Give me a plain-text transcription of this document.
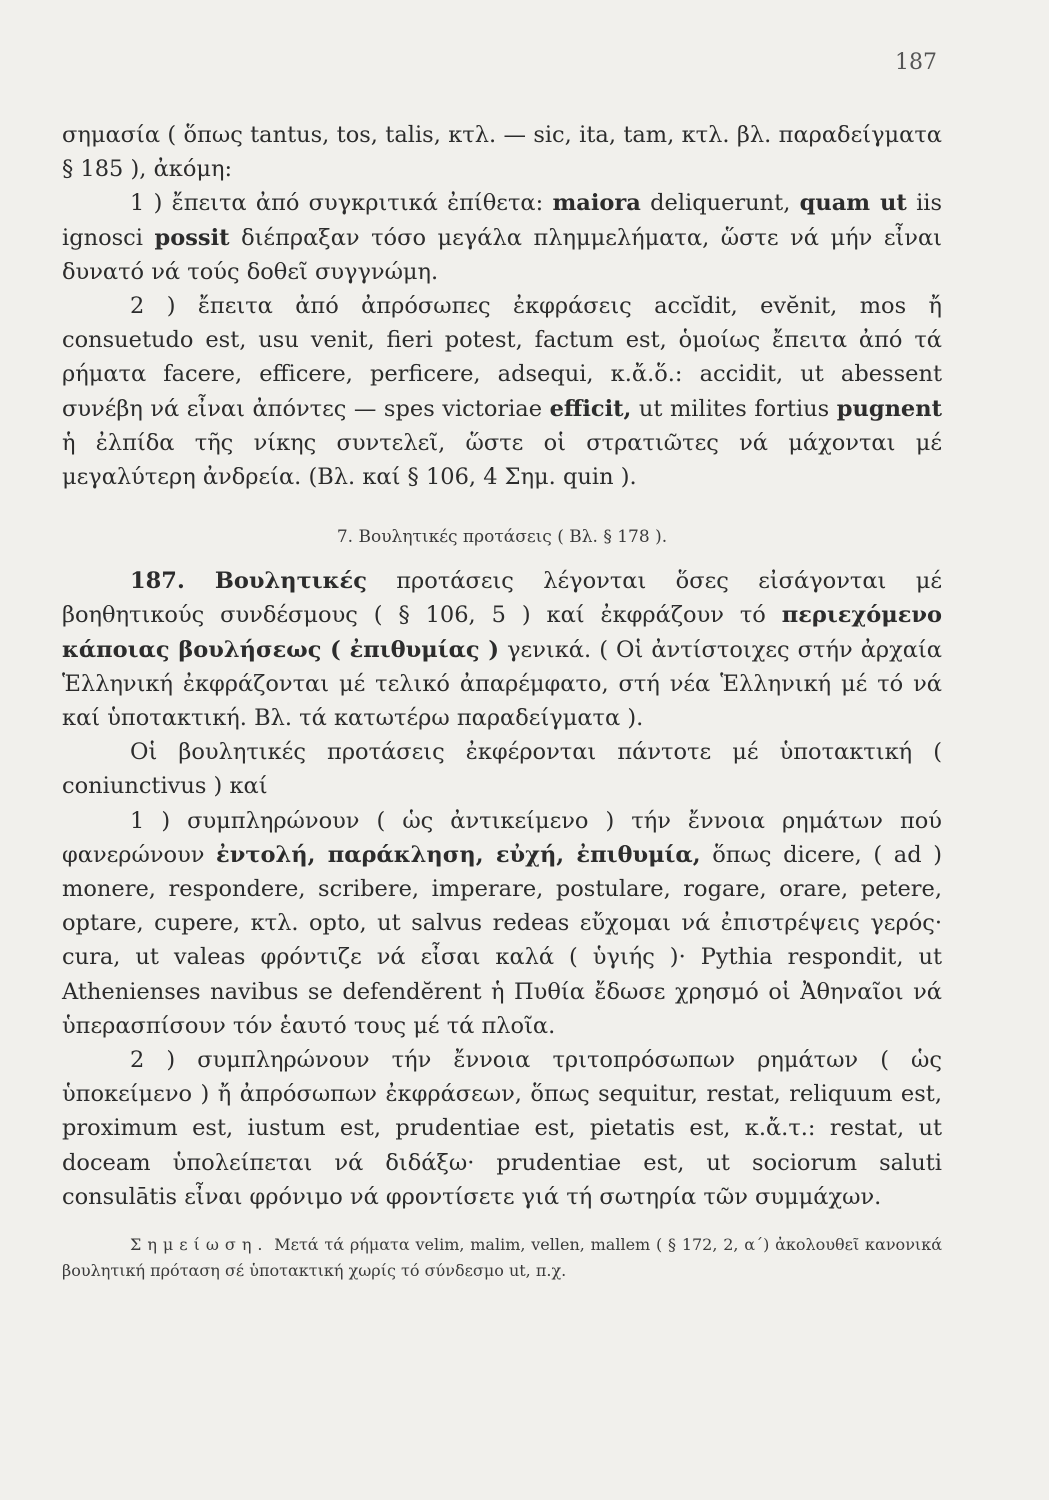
187

σημασία ( ὅπως tantus, tos, talis, κτλ. — sic, ita, tam, κτλ. βλ. παραδείγματα § 185 ), ἀκόμη:

1 ) ἔπειτα ἀπό συγκριτικά ἐπίθετα: maiora deliquerunt, quam ut iis ignosci possit διέπραξαν τόσο μεγάλα πλημμελήματα, ὥστε νά μήν εἶναι δυνατό νά τούς δοθεῖ συγγνώμη.

2 ) ἔπειτα ἀπό ἀπρόσωπες ἐκφράσεις accĭdit, evĕnit, mos ἤ consuetudo est, usu venit, fieri potest, factum est, ὁμοίως ἔπειτα ἀπό τά ρήματα facere, efficere, perficere, adsequi, κ.ἄ.ὅ.: accidit, ut abessent συνέβη νά εἶναι ἀπόντες — spes victoriae efficit, ut milites fortius pugnent ἡ ἐλπίδα τῆς νίκης συντελεῖ, ὥστε οἱ στρατιῶτες νά μάχονται μέ μεγαλύτερη ἀνδρεία. (Βλ. καί § 106, 4 Σημ. quin ).

7. Βουλητικές προτάσεις ( Βλ. § 178 ).

187. Βουλητικές προτάσεις λέγονται ὅσες εἰσάγονται μέ βοηθητικούς συνδέσμους ( § 106, 5 ) καί ἐκφράζουν τό περιεχόμενο κάποιας βουλήσεως ( ἐπιθυμίας ) γενικά. ( Οἱ ἀντίστοιχες στήν ἀρχαία Ἑλληνική ἐκφράζονται μέ τελικό ἀπαρέμφατο, στή νέα Ἑλληνική μέ τό νά καί ὑποτακτική. Βλ. τά κατωτέρω παραδείγματα ).

Οἱ βουλητικές προτάσεις ἐκφέρονται πάντοτε μέ ὑποτακτική ( coniunctivus ) καί

1 ) συμπληρώνουν ( ὡς ἀντικείμενο ) τήν ἔννοια ρημάτων πού φανερώνουν ἐντολή, παράκληση, εὐχή, ἐπιθυμία, ὅπως dicere, ( ad ) monere, respondere, scribere, imperare, postulare, rogare, orare, petere, optare, cupere, κτλ. opto, ut salvus redeas εὔχομαι νά ἐπιστρέψεις γερός· cura, ut valeas φρόντιζε νά εἶσαι καλά ( ὑγιής )· Pythia respondit, ut Athenienses navibus se defendĕrent ἡ Πυθία ἔδωσε χρησμό οἱ Ἀθηναῖοι νά ὑπερασπίσουν τόν ἑαυτό τους μέ τά πλοῖα.

2 ) συμπληρώνουν τήν ἔννοια τριτοπρόσωπων ρημάτων ( ὡς ὑποκείμενο ) ἤ ἀπρόσωπων ἐκφράσεων, ὅπως sequitur, restat, reliquum est, proximum est, iustum est, prudentiae est, pietatis est, κ.ἄ.τ.: restat, ut doceam ὑπολείπεται νά διδάξω· prudentiae est, ut sociorum saluti consulātis εἶναι φρόνιμο νά φροντίσετε γιά τή σωτηρία τῶν συμμάχων.

Σημείωση. Μετά τά ρήματα velim, malim, vellen, mallem ( § 172, 2, α΄) ἀκολουθεῖ κανονικά βουλητική πρόταση σέ ὑποτακτική χωρίς τό σύνδεσμο ut, π.χ.
